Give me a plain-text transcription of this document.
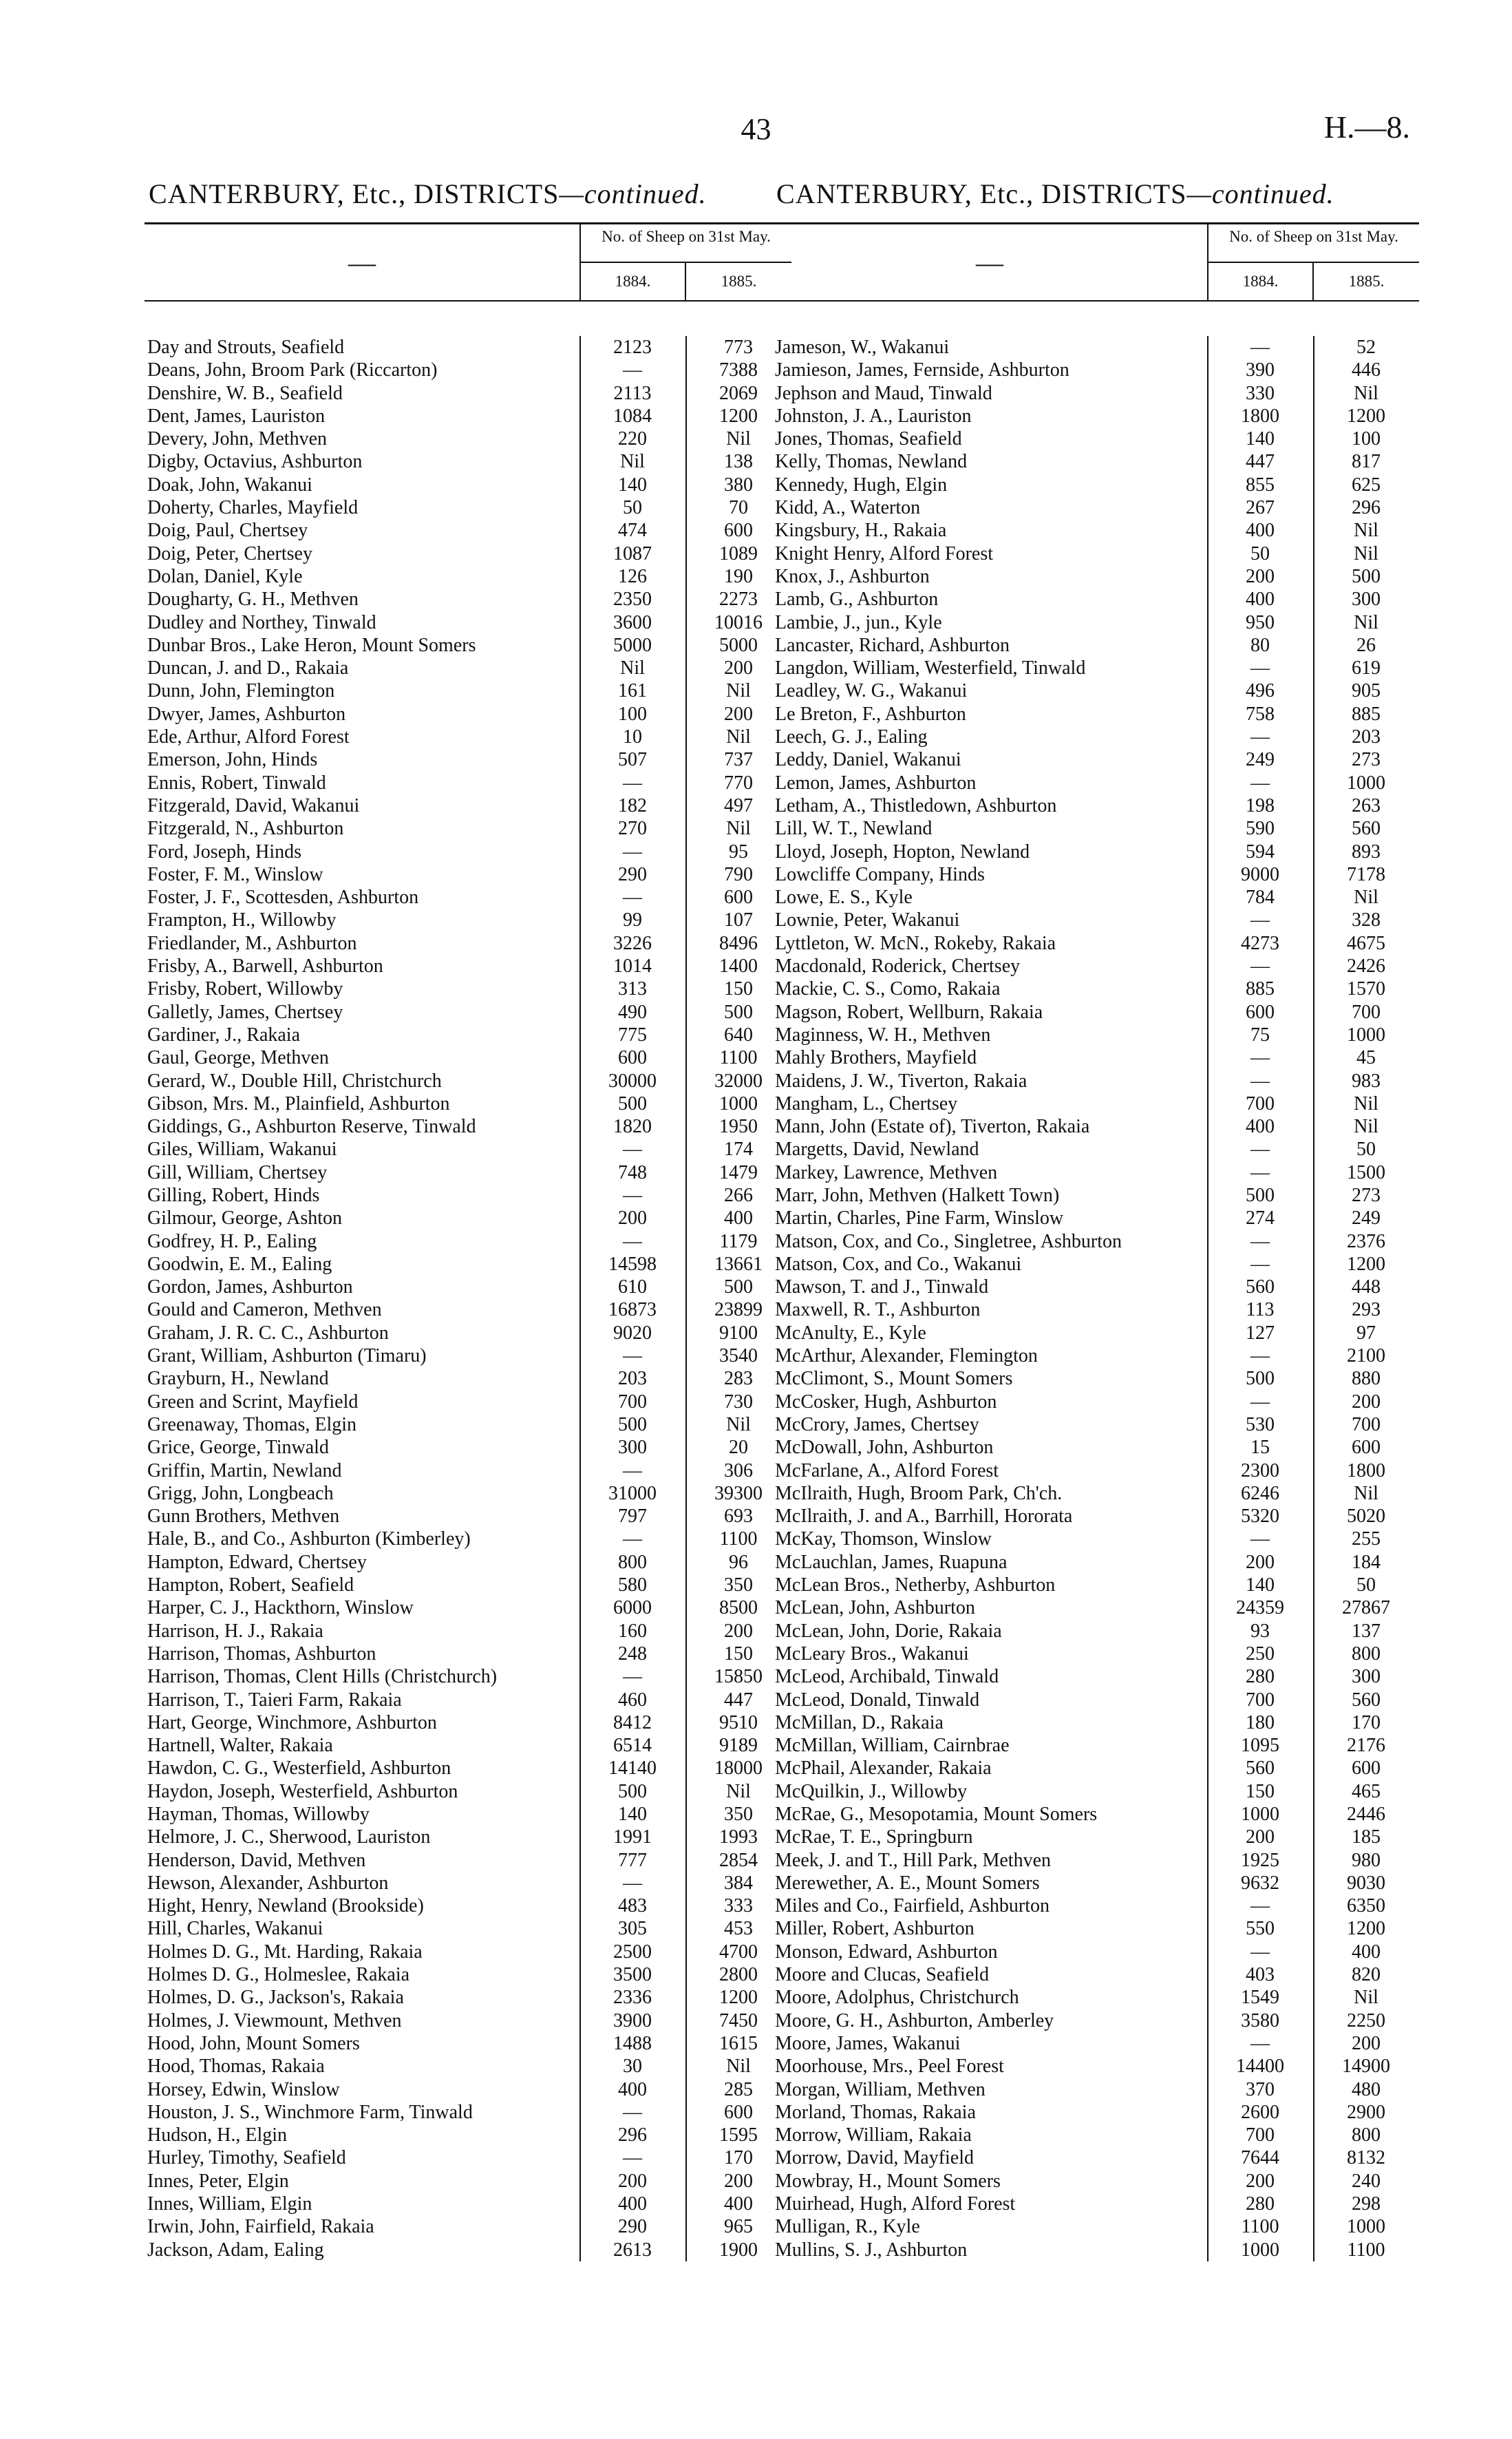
43	H.—8.
CANTERBURY, Etc., DISTRICTS—continued.
—
No. of Sheep on 31st May.
1884.	1885.
Day and Strouts, Seafield	2123	773
Deans, John, Broom Park (Riccarton)	—	7388
Denshire, W. B., Seafield	2113	2069
Dent, James, Lauriston	1084	1200
Devery, John, Methven	220	Nil
Digby, Octavius, Ashburton	Nil	138
Doak, John, Wakanui	140	380
Doherty, Charles, Mayfield	50	70
Doig, Paul, Chertsey	474	600
Doig, Peter, Chertsey	1087	1089
Dolan, Daniel, Kyle	126	190
Dougharty, G. H., Methven	2350	2273
Dudley and Northey, Tinwald	3600	10016
Dunbar Bros., Lake Heron, Mount Somers	5000	5000
Duncan, J. and D., Rakaia	Nil	200
Dunn, John, Flemington	161	Nil
Dwyer, James, Ashburton	100	200
Ede, Arthur, Alford Forest	10	Nil
Emerson, John, Hinds	507	737
Ennis, Robert, Tinwald	—	770
Fitzgerald, David, Wakanui	182	497
Fitzgerald, N., Ashburton	270	Nil
Ford, Joseph, Hinds	—	95
Foster, F. M., Winslow	290	790
Foster, J. F., Scottesden, Ashburton	—	600
Frampton, H., Willowby	99	107
Friedlander, M., Ashburton	3226	8496
Frisby, A., Barwell, Ashburton	1014	1400
Frisby, Robert, Willowby	313	150
Galletly, James, Chertsey	490	500
Gardiner, J., Rakaia	775	640
Gaul, George, Methven	600	1100
Gerard, W., Double Hill, Christchurch	30000	32000
Gibson, Mrs. M., Plainfield, Ashburton	500	1000
Giddings, G., Ashburton Reserve, Tinwald	1820	1950
Giles, William, Wakanui	—	174
Gill, William, Chertsey	748	1479
Gilling, Robert, Hinds	—	266
Gilmour, George, Ashton	200	400
Godfrey, H. P., Ealing	—	1179
Goodwin, E. M., Ealing	14598	13661
Gordon, James, Ashburton	610	500
Gould and Cameron, Methven	16873	23899
Graham, J. R. C. C., Ashburton	9020	9100
Grant, William, Ashburton (Timaru)	—	3540
Grayburn, H., Newland	203	283
Green and Scrint, Mayfield	700	730
Greenaway, Thomas, Elgin	500	Nil
Grice, George, Tinwald	300	20
Griffin, Martin, Newland	—	306
Grigg, John, Longbeach	31000	39300
Gunn Brothers, Methven	797	693
Hale, B., and Co., Ashburton (Kimberley)	—	1100
Hampton, Edward, Chertsey	800	96
Hampton, Robert, Seafield	580	350
Harper, C. J., Hackthorn, Winslow	6000	8500
Harrison, H. J., Rakaia	160	200
Harrison, Thomas, Ashburton	248	150
Harrison, Thomas, Clent Hills (Christchurch)	—	15850
Harrison, T., Taieri Farm, Rakaia	460	447
Hart, George, Winchmore, Ashburton	8412	9510
Hartnell, Walter, Rakaia	6514	9189
Hawdon, C. G., Westerfield, Ashburton	14140	18000
Haydon, Joseph, Westerfield, Ashburton	500	Nil
Hayman, Thomas, Willowby	140	350
Helmore, J. C., Sherwood, Lauriston	1991	1993
Henderson, David, Methven	777	2854
Hewson, Alexander, Ashburton	—	384
Hight, Henry, Newland (Brookside)	483	333
Hill, Charles, Wakanui	305	453
Holmes D. G., Mt. Harding, Rakaia	2500	4700
Holmes D. G., Holmeslee, Rakaia	3500	2800
Holmes, D. G., Jackson's, Rakaia	2336	1200
Holmes, J. Viewmount, Methven	3900	7450
Hood, John, Mount Somers	1488	1615
Hood, Thomas, Rakaia	30	Nil
Horsey, Edwin, Winslow	400	285
Houston, J. S., Winchmore Farm, Tinwald	—	600
Hudson, H., Elgin	296	1595
Hurley, Timothy, Seafield	—	170
Innes, Peter, Elgin	200	200
Innes, William, Elgin	400	400
Irwin, John, Fairfield, Rakaia	290	965
Jackson, Adam, Ealing	2613	1900
CANTERBURY, Etc., DISTRICTS—continued.
—
No. of Sheep on 31st May.
1884.	1885.
Jameson, W., Wakanui	—	52
Jamieson, James, Fernside, Ashburton	390	446
Jephson and Maud, Tinwald	330	Nil
Johnston, J. A., Lauriston	1800	1200
Jones, Thomas, Seafield	140	100
Kelly, Thomas, Newland	447	817
Kennedy, Hugh, Elgin	855	625
Kidd, A., Waterton	267	296
Kingsbury, H., Rakaia	400	Nil
Knight Henry, Alford Forest	50	Nil
Knox, J., Ashburton	200	500
Lamb, G., Ashburton	400	300
Lambie, J., jun., Kyle	950	Nil
Lancaster, Richard, Ashburton	80	26
Langdon, William, Westerfield, Tinwald	—	619
Leadley, W. G., Wakanui	496	905
Le Breton, F., Ashburton	758	885
Leech, G. J., Ealing	—	203
Leddy, Daniel, Wakanui	249	273
Lemon, James, Ashburton	—	1000
Letham, A., Thistledown, Ashburton	198	263
Lill, W. T., Newland	590	560
Lloyd, Joseph, Hopton, Newland	594	893
Lowcliffe Company, Hinds	9000	7178
Lowe, E. S., Kyle	784	Nil
Lownie, Peter, Wakanui	—	328
Lyttleton, W. McN., Rokeby, Rakaia	4273	4675
Macdonald, Roderick, Chertsey	—	2426
Mackie, C. S., Como, Rakaia	885	1570
Magson, Robert, Wellburn, Rakaia	600	700
Maginness, W. H., Methven	75	1000
Mahly Brothers, Mayfield	—	45
Maidens, J. W., Tiverton, Rakaia	—	983
Mangham, L., Chertsey	700	Nil
Mann, John (Estate of), Tiverton, Rakaia	400	Nil
Margetts, David, Newland	—	50
Markey, Lawrence, Methven	—	1500
Marr, John, Methven (Halkett Town)	500	273
Martin, Charles, Pine Farm, Winslow	274	249
Matson, Cox, and Co., Singletree, Ashburton	—	2376
Matson, Cox, and Co., Wakanui	—	1200
Mawson, T. and J., Tinwald	560	448
Maxwell, R. T., Ashburton	113	293
McAnulty, E., Kyle	127	97
McArthur, Alexander, Flemington	—	2100
McClimont, S., Mount Somers	500	880
McCosker, Hugh, Ashburton	—	200
McCrory, James, Chertsey	530	700
McDowall, John, Ashburton	15	600
McFarlane, A., Alford Forest	2300	1800
McIlraith, Hugh, Broom Park, Ch'ch.	6246	Nil
McIlraith, J. and A., Barrhill, Hororata	5320	5020
McKay, Thomson, Winslow	—	255
McLauchlan, James, Ruapuna	200	184
McLean Bros., Netherby, Ashburton	140	50
McLean, John, Ashburton	24359	27867
McLean, John, Dorie, Rakaia	93	137
McLeary Bros., Wakanui	250	800
McLeod, Archibald, Tinwald	280	300
McLeod, Donald, Tinwald	700	560
McMillan, D., Rakaia	180	170
McMillan, William, Cairnbrae	1095	2176
McPhail, Alexander, Rakaia	560	600
McQuilkin, J., Willowby	150	465
McRae, G., Mesopotamia, Mount Somers	1000	2446
McRae, T. E., Springburn	200	185
Meek, J. and T., Hill Park, Methven	1925	980
Merewether, A. E., Mount Somers	9632	9030
Miles and Co., Fairfield, Ashburton	—	6350
Miller, Robert, Ashburton	550	1200
Monson, Edward, Ashburton	—	400
Moore and Clucas, Seafield	403	820
Moore, Adolphus, Christchurch	1549	Nil
Moore, G. H., Ashburton, Amberley	3580	2250
Moore, James, Wakanui	—	200
Moorhouse, Mrs., Peel Forest	14400	14900
Morgan, William, Methven	370	480
Morland, Thomas, Rakaia	2600	2900
Morrow, William, Rakaia	700	800
Morrow, David, Mayfield	7644	8132
Mowbray, H., Mount Somers	200	240
Muirhead, Hugh, Alford Forest	280	298
Mulligan, R., Kyle	1100	1000
Mullins, S. J., Ashburton	1000	1100
